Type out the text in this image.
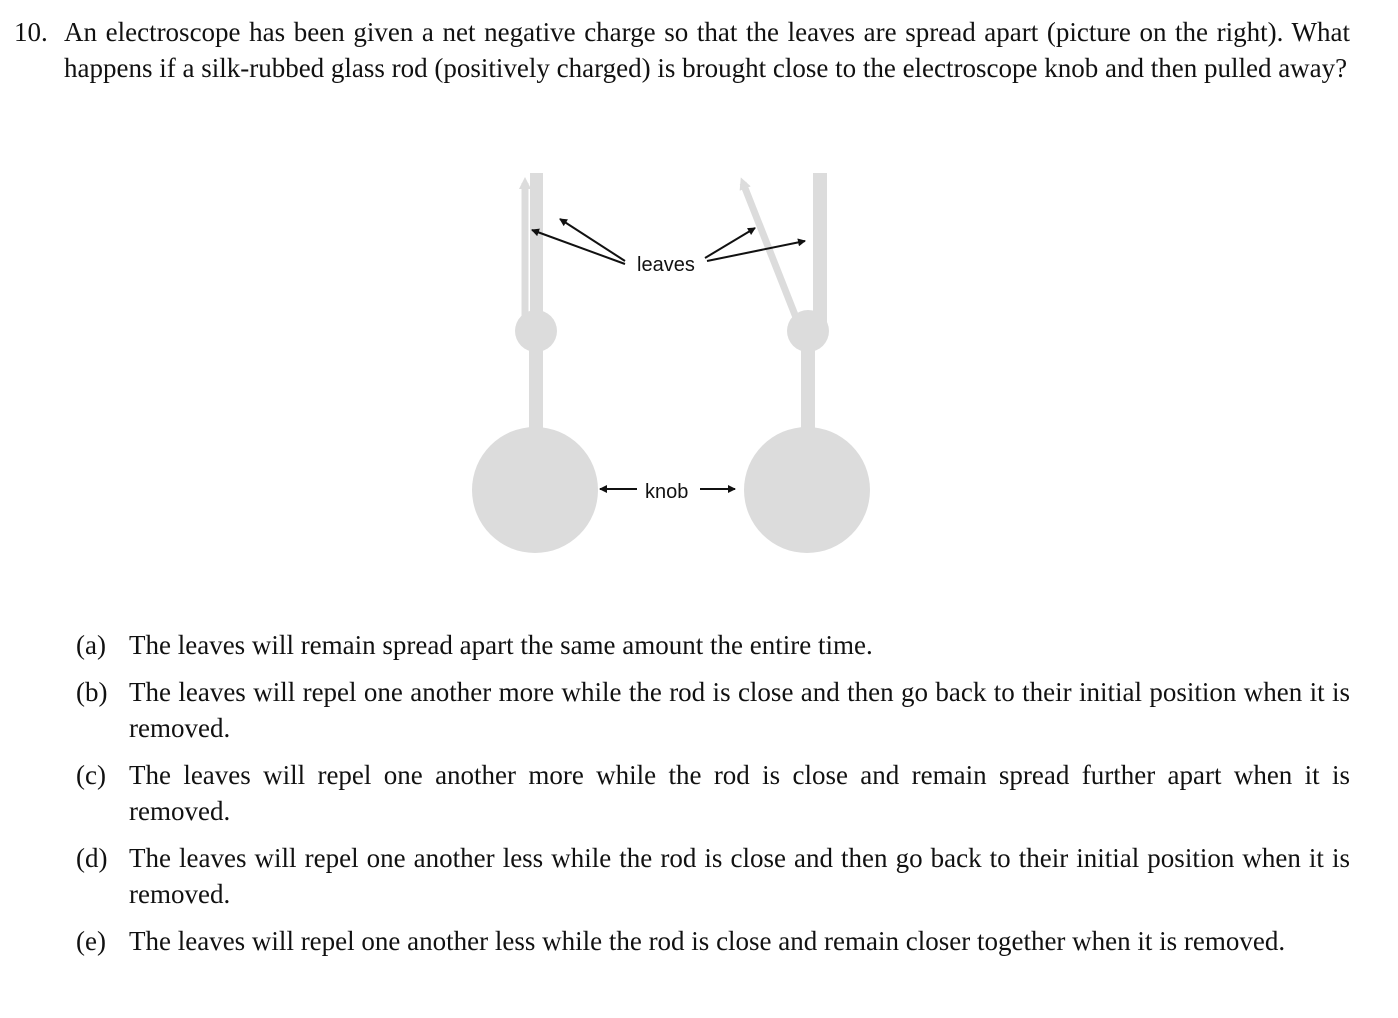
10. An electroscope has been given a net negative charge so that the leaves are spread apart (picture on the right). What happens if a silk-rubbed glass rod (positively charged) is brought close to the electroscope knob and then pulled away?
leaves
knob
(a) The leaves will remain spread apart the same amount the entire time.
(b) The leaves will repel one another more while the rod is close and then go back to their initial position when it is removed.
(c) The leaves will repel one another more while the rod is close and remain spread further apart when it is removed.
(d) The leaves will repel one another less while the rod is close and then go back to their initial position when it is removed.
(e) The leaves will repel one another less while the rod is close and remain closer together when it is removed.
